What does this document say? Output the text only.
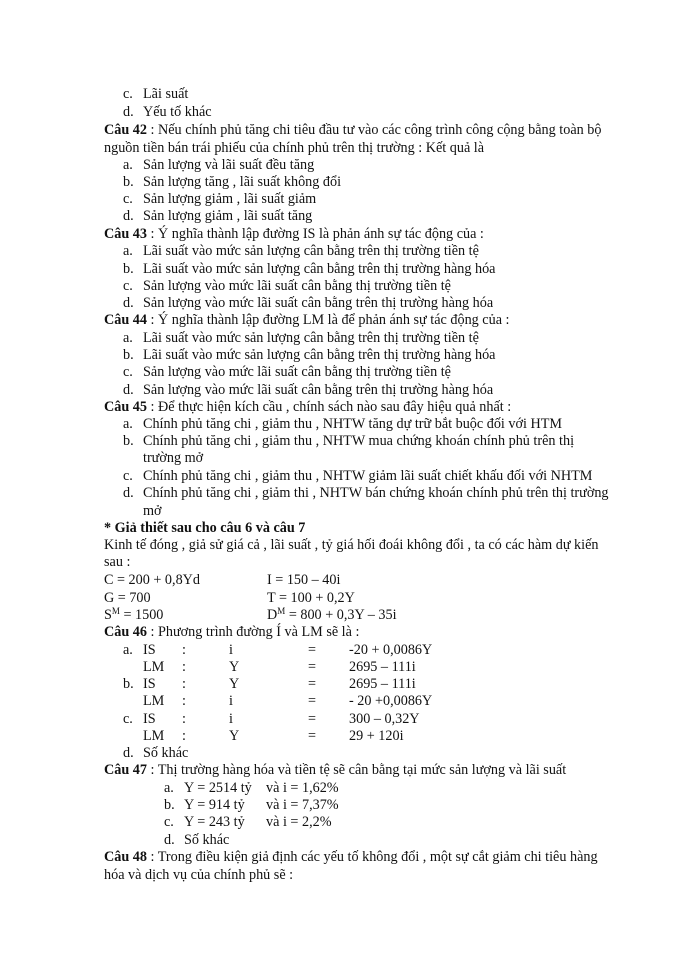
c. Lãi suất
d. Yếu tố khác
Câu 42 : Nếu chính phủ tăng chi tiêu đầu tư vào các công trình công cộng bằng toàn bộ
nguồn tiền bán trái phiếu của chính phủ trên thị trường : Kết quả là
a. Sản lượng và lãi suất đều tăng
b. Sản lượng tăng , lãi suất không đổi
c. Sản lượng giảm , lãi suất giảm
d. Sản lượng giảm , lãi suất tăng
Câu 43 : Ý nghĩa thành lập đường IS là phản ánh sự tác động của :
a. Lãi suất vào mức sản lượng cân bằng trên thị trường tiền tệ
b. Lãi suất vào mức sản lượng cân bằng trên thị trường hàng hóa
c. Sản lượng vào mức lãi suất cân bằng thị trường tiền tệ
d. Sản lượng vào mức lãi suất cân bằng trên thị trường hàng hóa
Câu 44 : Ý nghĩa thành lập đường LM là để phản ánh sự tác động của :
a. Lãi suất vào mức sản lượng cân bằng trên thị trường tiền tệ
b. Lãi suất vào mức sản lượng cân bằng trên thị trường hàng hóa
c. Sản lượng vào mức lãi suất cân bằng thị trường tiền tệ
d. Sản lượng vào mức lãi suất cân bằng trên thị trường hàng hóa
Câu 45 : Để thực hiện kích cầu , chính sách nào sau đây hiệu quả nhất :
a. Chính phủ tăng chi , giảm thu , NHTW tăng dự trữ bắt buộc đối với HTM
b. Chính phủ tăng chi , giảm thu , NHTW mua chứng khoán chính phủ trên thị
trường mở
c. Chính phủ tăng chi , giảm thu , NHTW giảm lãi suất chiết khấu đối với NHTM
d. Chính phủ tăng chi , giảm thi , NHTW bán chứng khoán chính phủ trên thị trường
mở
* Giả thiết sau cho câu 6 và câu 7
Kinh tế đóng , giả sử giá cả , lãi suất , tỷ giá hối đoái không đổi , ta có các hàm dự kiến
sau :
C = 200 + 0,8Yd	I = 150 – 40i
G = 700	T = 100 + 0,2Y
$S^M = 1500$	$D^M = 800 + 0,3Y - 35i$
Câu 46 : Phương trình đường Í và LM sẽ là :
a. IS :	i	= -20 + 0,0086Y
LM :	Y	= 2695 – 111i
b. IS :	Y	= 2695 – 111i
LM :	i	= - 20 +0,0086Y
c. IS :	i	= 300 – 0,32Y
LM :	Y	= 29 + 120i
d. Số khác
Câu 47 : Thị trường hàng hóa và tiền tệ sẽ cân bằng tại mức sản lượng và lãi suất
a. Y = 2514 tỷ và i = 1,62%
b. Y = 914 tỷ và i = 7,37%
c. Y = 243 tỷ và i = 2,2%
d. Số khác
Câu 48 : Trong điều kiện giả định các yếu tố không đổi , một sự cắt giảm chi tiêu hàng
hóa và dịch vụ của chính phủ sẽ :
